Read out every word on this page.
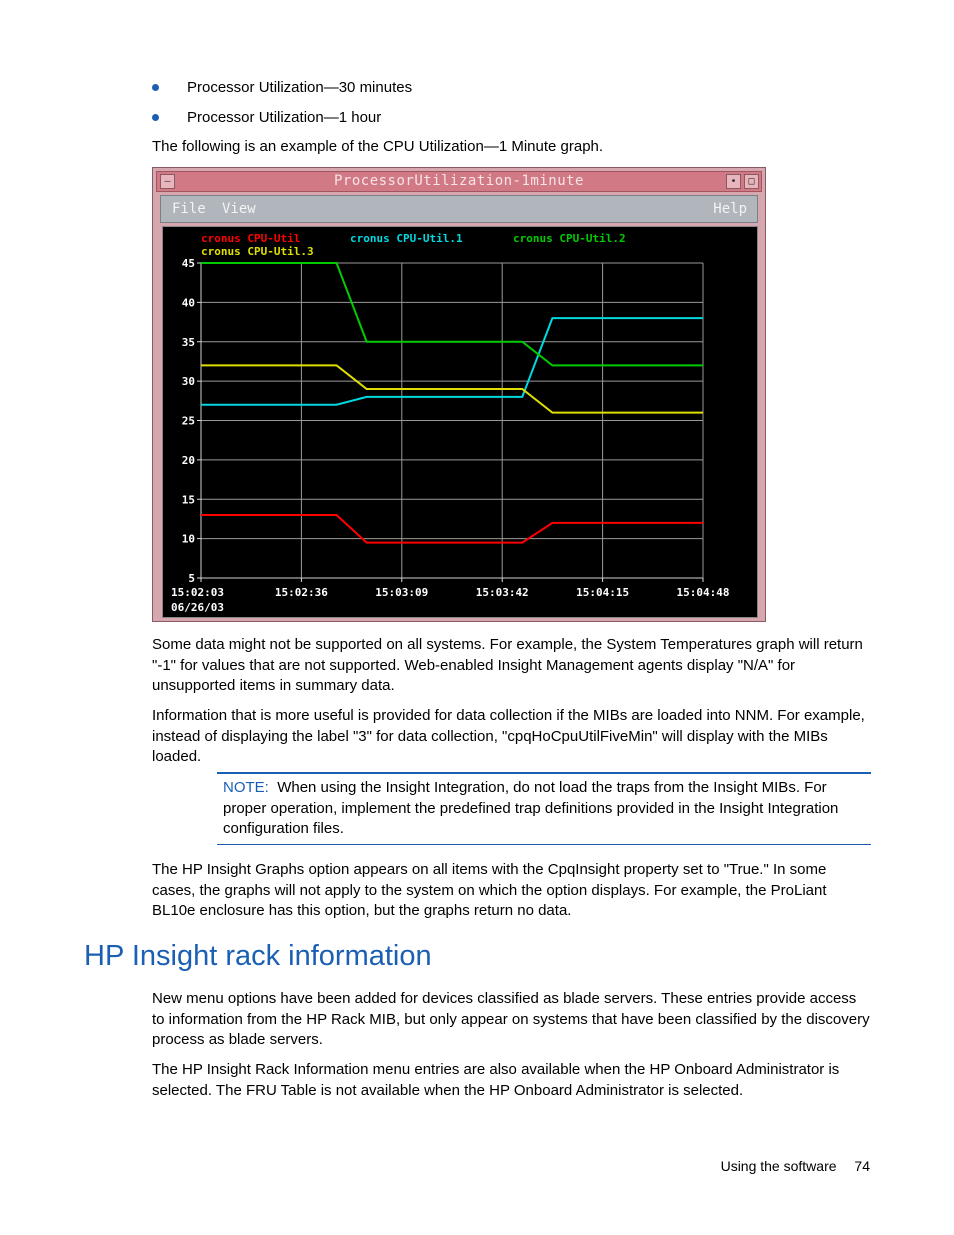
Processor Utilization—30 minutes
Processor Utilization—1 hour
The following is an example of the CPU Utilization—1 Minute graph.
–	ProcessorUtilization-1minute	•	□
File View	Help
15:02:03	15:02:36	15:03:09	15:03:42	15:04:15	15:04:48
06/26/03
45
40
35
30
25
20
15
10
5
cronus CPU-Util	cronus CPU-Util.1	cronus CPU-Util.2
cronus CPU-Util.3
Some data might not be supported on all systems. For example, the System Temperatures graph will return "-1" for values that are not supported. Web-enabled Insight Management agents display "N/A" for unsupported items in summary data.
Information that is more useful is provided for data collection if the MIBs are loaded into NNM. For example, instead of displaying the label "3" for data collection, "cpqHoCpuUtilFiveMin" will display with the MIBs loaded.
NOTE: When using the Insight Integration, do not load the traps from the Insight MIBs. For proper operation, implement the predefined trap definitions provided in the Insight Integration configuration files.
The HP Insight Graphs option appears on all items with the CpqInsight property set to "True." In some cases, the graphs will not apply to the system on which the option displays. For example, the ProLiant BL10e enclosure has this option, but the graphs return no data.
HP Insight rack information
New menu options have been added for devices classified as blade servers. These entries provide access to information from the HP Rack MIB, but only appear on systems that have been classified by the discovery process as blade servers.
The HP Insight Rack Information menu entries are also available when the HP Onboard Administrator is selected. The FRU Table is not available when the HP Onboard Administrator is selected.
Using the software 74
